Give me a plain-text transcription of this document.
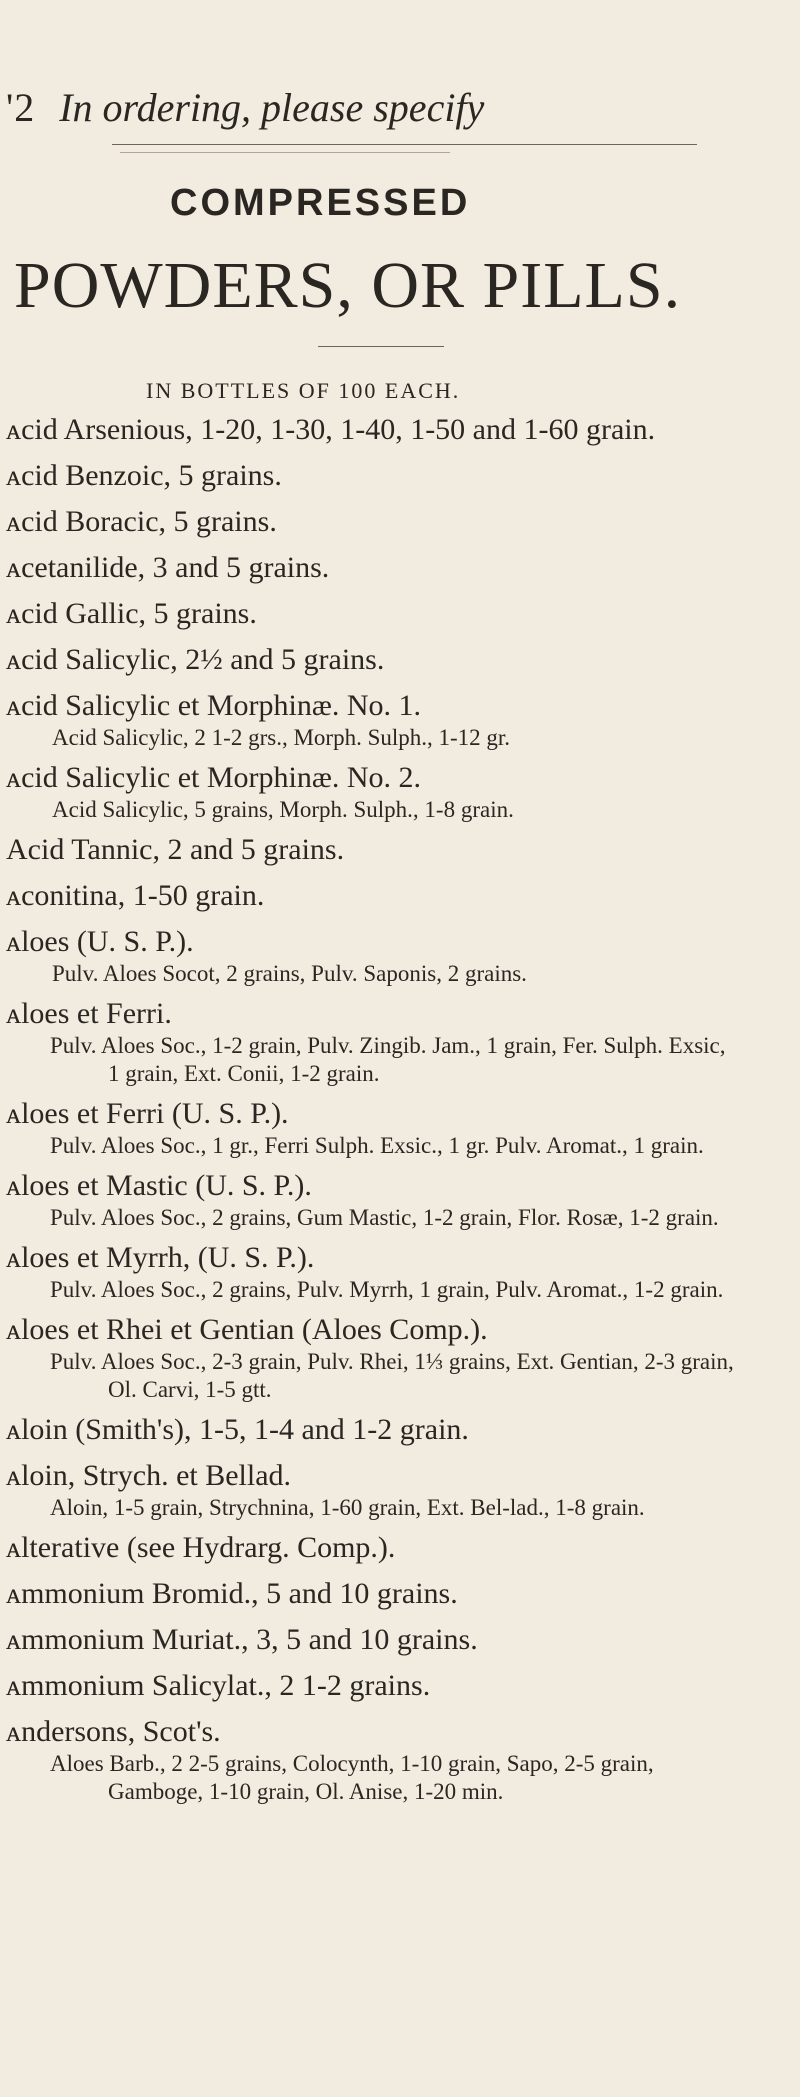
'2 In ordering, please specify
COMPRESSED
POWDERS, OR PILLS.
IN BOTTLES OF 100 EACH.
ᴀcid Arsenious, 1-20, 1-30, 1-40, 1-50 and 1-60 grain.
ᴀcid Benzoic, 5 grains.
ᴀcid Boracic, 5 grains.
ᴀcetanilide, 3 and 5 grains.
ᴀcid Gallic, 5 grains.
ᴀcid Salicylic, 2½ and 5 grains.
ᴀcid Salicylic et Morphinæ. No. 1.
Acid Salicylic, 2 1-2 grs., Morph. Sulph., 1-12 gr.
ᴀcid Salicylic et Morphinæ. No. 2.
Acid Salicylic, 5 grains, Morph. Sulph., 1-8 grain.
Acid Tannic, 2 and 5 grains.
ᴀconitina, 1-50 grain.
ᴀloes (U. S. P.).
Pulv. Aloes Socot, 2 grains, Pulv. Saponis, 2 grains.
ᴀloes et Ferri.
Pulv. Aloes Soc., 1-2 grain, Pulv. Zingib. Jam., 1 grain, Fer. Sulph. Exsic, 1 grain, Ext. Conii, 1-2 grain.
ᴀloes et Ferri (U. S. P.).
Pulv. Aloes Soc., 1 gr., Ferri Sulph. Exsic., 1 gr. Pulv. Aromat., 1 grain.
ᴀloes et Mastic (U. S. P.).
Pulv. Aloes Soc., 2 grains, Gum Mastic, 1-2 grain, Flor. Rosæ, 1-2 grain.
ᴀloes et Myrrh, (U. S. P.).
Pulv. Aloes Soc., 2 grains, Pulv. Myrrh, 1 grain, Pulv. Aromat., 1-2 grain.
ᴀloes et Rhei et Gentian (Aloes Comp.).
Pulv. Aloes Soc., 2-3 grain, Pulv. Rhei, 1⅓ grains, Ext. Gentian, 2-3 grain, Ol. Carvi, 1-5 gtt.
ᴀloin (Smith's), 1-5, 1-4 and 1-2 grain.
ᴀloin, Strych. et Bellad.
Aloin, 1-5 grain, Strychnina, 1-60 grain, Ext. Bel-lad., 1-8 grain.
ᴀlterative (see Hydrarg. Comp.).
ᴀmmonium Bromid., 5 and 10 grains.
ᴀmmonium Muriat., 3, 5 and 10 grains.
ᴀmmonium Salicylat., 2 1-2 grains.
ᴀndersons, Scot's.
Aloes Barb., 2 2-5 grains, Colocynth, 1-10 grain, Sapo, 2-5 grain, Gamboge, 1-10 grain, Ol. Anise, 1-20 min.
